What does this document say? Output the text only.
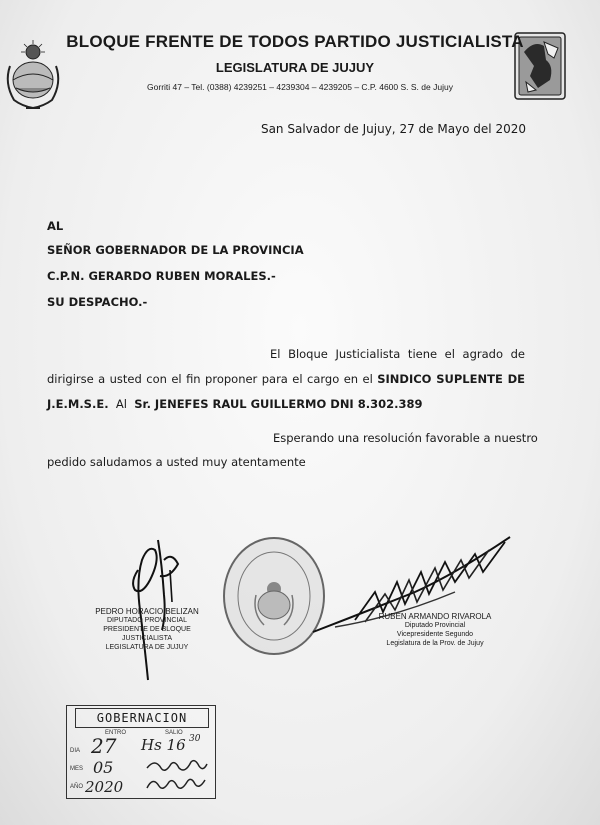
BLOQUE FRENTE DE TODOS PARTIDO JUSTICIALISTA
LEGISLATURA DE JUJUY
Gorriti 47 – Tel. (0388) 4239251 – 4239304 – 4239205 – C.P. 4600 S. S. de Jujuy
San Salvador de Jujuy, 27 de Mayo del 2020
AL
SEÑOR GOBERNADOR DE LA PROVINCIA
C.P.N. GERARDO RUBEN MORALES.-
SU DESPACHO.-
El Bloque Justicialista tiene el agrado de
dirigirse a usted con el fin proponer para el cargo en el SINDICO SUPLENTE DE
J.E.M.S.E. Al Sr. JENEFES RAUL GUILLERMO DNI 8.302.389
Esperando una resolución favorable a nuestro
pedido saludamos a usted muy atentamente
PEDRO HORACIO BELIZAN
DIPUTADO PROVINCIAL
PRESIDENTE DE BLOQUE JUSTICIALISTA
LEGISLATURA DE JUJUY
RUBEN ARMANDO RIVAROLA
Diputado Provincial
Vicepresidente Segundo
Legislatura de la Prov. de Jujuy
GOBERNACION
ENTRO	SALIO
DIA
MES
AÑO
27 Hs 16 30
05
2020
